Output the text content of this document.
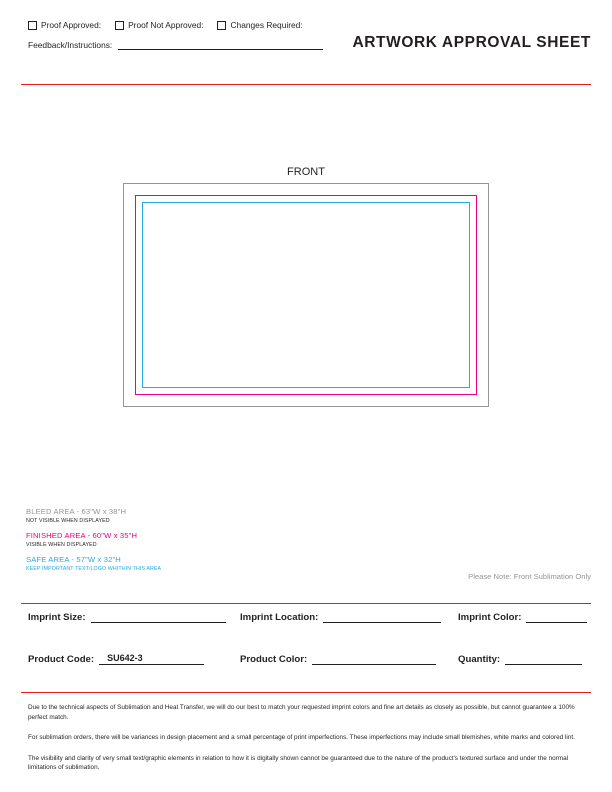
Proof Approved:	Proof Not Approved:	Changes Required:
Feedback/Instructions:	ARTWORK APPROVAL SHEET
FRONT
BLEED AREA - 63"W x 38"H
NOT VISIBLE WHEN DISPLAYED
FINISHED AREA - 60"W x 35"H
VISIBLE WHEN DISPLAYED
SAFE AREA - 57"W x 32"H
KEEP IMPORTANT TEXT/LOGO WHITHIN THIS AREA
Please Note: Front Sublimation Only
Imprint Size:	Imprint Location:	Imprint Color:
Product Code: SU642-3	Product Color:	Quantity:

Due to the technical aspects of Sublimation and Heat Transfer, we will do our best to match your requested imprint colors and fine art details as closely as possible, but cannot guarantee a 100% perfect match.

For sublimation orders, there will be variances in design placement and a small percentage of print imperfections. These imperfections may include small blemishes, white marks and colored lint.

The visibility and clarity of very small text/graphic elements in relation to how it is digitally shown cannot be guaranteed due to the nature of the product's textured surface and under the normal limitations of sublimation.
